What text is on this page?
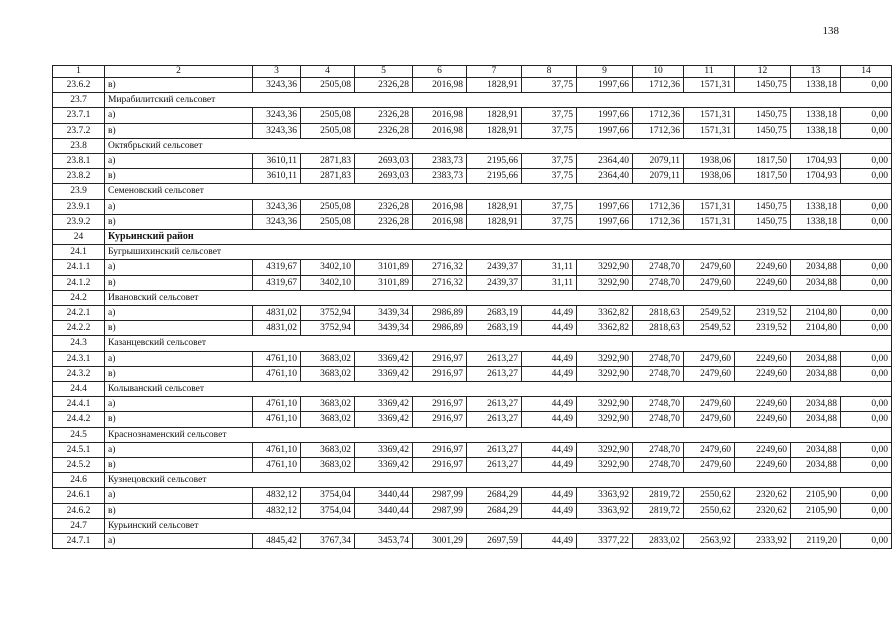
138
1	2	3	4	5	6	7	8	9	10	11	12	13	14
23.6.2	в)	3243,36	2505,08	2326,28	2016,98	1828,91	37,75	1997,66	1712,36	1571,31	1450,75	1338,18	0,00
23.7	Мирабилитский сельсовет												
23.7.1	а)	3243,36	2505,08	2326,28	2016,98	1828,91	37,75	1997,66	1712,36	1571,31	1450,75	1338,18	0,00
23.7.2	в)	3243,36	2505,08	2326,28	2016,98	1828,91	37,75	1997,66	1712,36	1571,31	1450,75	1338,18	0,00
23.8	Октябрьский сельсовет												
23.8.1	а)	3610,11	2871,83	2693,03	2383,73	2195,66	37,75	2364,40	2079,11	1938,06	1817,50	1704,93	0,00
23.8.2	в)	3610,11	2871,83	2693,03	2383,73	2195,66	37,75	2364,40	2079,11	1938,06	1817,50	1704,93	0,00
23.9	Семеновский сельсовет												
23.9.1	а)	3243,36	2505,08	2326,28	2016,98	1828,91	37,75	1997,66	1712,36	1571,31	1450,75	1338,18	0,00
23.9.2	в)	3243,36	2505,08	2326,28	2016,98	1828,91	37,75	1997,66	1712,36	1571,31	1450,75	1338,18	0,00
24	Курьинский район												
24.1	Бугрышихинский сельсовет												
24.1.1	а)	4319,67	3402,10	3101,89	2716,32	2439,37	31,11	3292,90	2748,70	2479,60	2249,60	2034,88	0,00
24.1.2	в)	4319,67	3402,10	3101,89	2716,32	2439,37	31,11	3292,90	2748,70	2479,60	2249,60	2034,88	0,00
24.2	Ивановский сельсовет												
24.2.1	а)	4831,02	3752,94	3439,34	2986,89	2683,19	44,49	3362,82	2818,63	2549,52	2319,52	2104,80	0,00
24.2.2	в)	4831,02	3752,94	3439,34	2986,89	2683,19	44,49	3362,82	2818,63	2549,52	2319,52	2104,80	0,00
24.3	Казанцевский сельсовет												
24.3.1	а)	4761,10	3683,02	3369,42	2916,97	2613,27	44,49	3292,90	2748,70	2479,60	2249,60	2034,88	0,00
24.3.2	в)	4761,10	3683,02	3369,42	2916,97	2613,27	44,49	3292,90	2748,70	2479,60	2249,60	2034,88	0,00
24.4	Колыванский сельсовет												
24.4.1	а)	4761,10	3683,02	3369,42	2916,97	2613,27	44,49	3292,90	2748,70	2479,60	2249,60	2034,88	0,00
24.4.2	в)	4761,10	3683,02	3369,42	2916,97	2613,27	44,49	3292,90	2748,70	2479,60	2249,60	2034,88	0,00
24.5	Краснознаменский сельсовет												
24.5.1	а)	4761,10	3683,02	3369,42	2916,97	2613,27	44,49	3292,90	2748,70	2479,60	2249,60	2034,88	0,00
24.5.2	в)	4761,10	3683,02	3369,42	2916,97	2613,27	44,49	3292,90	2748,70	2479,60	2249,60	2034,88	0,00
24.6	Кузнецовский сельсовет												
24.6.1	а)	4832,12	3754,04	3440,44	2987,99	2684,29	44,49	3363,92	2819,72	2550,62	2320,62	2105,90	0,00
24.6.2	в)	4832,12	3754,04	3440,44	2987,99	2684,29	44,49	3363,92	2819,72	2550,62	2320,62	2105,90	0,00
24.7	Курьинский сельсовет												
24.7.1	а)	4845,42	3767,34	3453,74	3001,29	2697,59	44,49	3377,22	2833,02	2563,92	2333,92	2119,20	0,00
